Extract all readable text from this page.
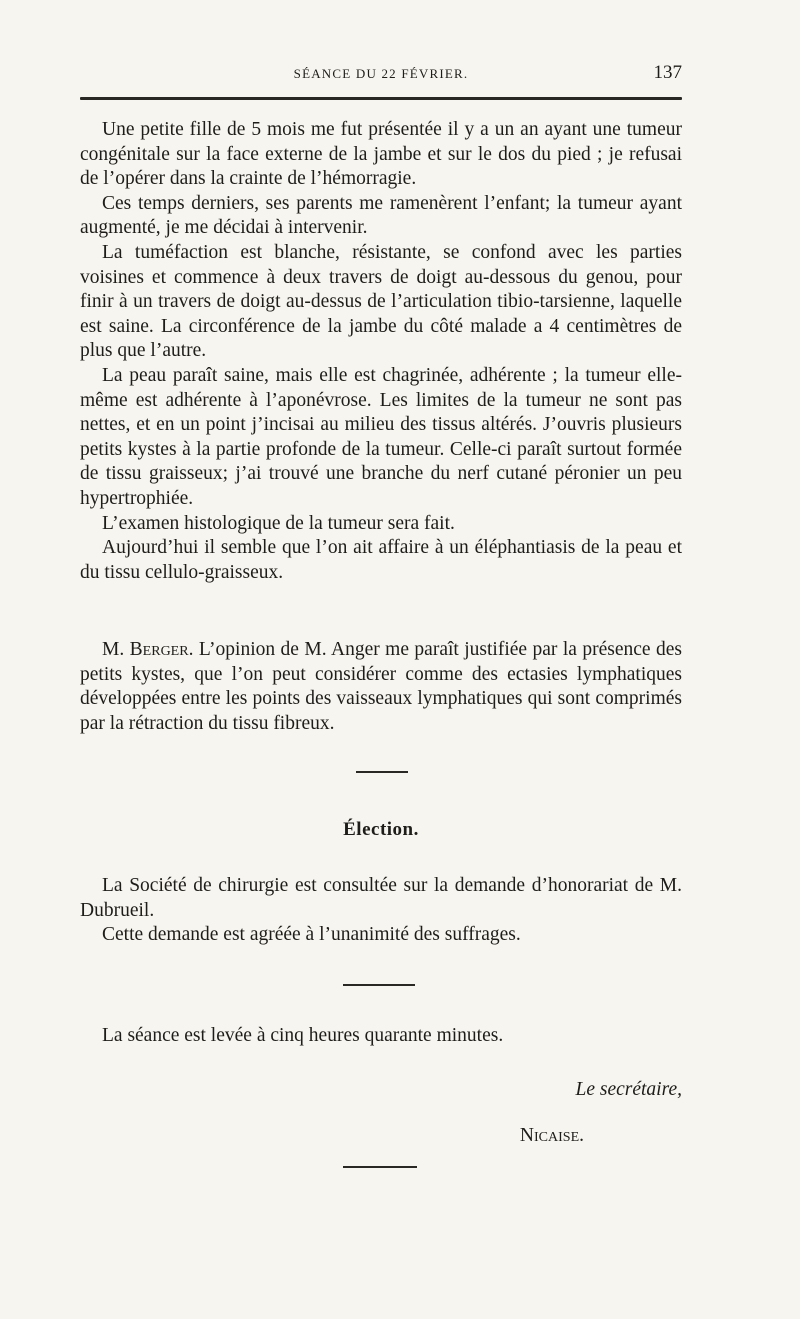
SÉANCE DU 22 FÉVRIER.	137

Une petite fille de 5 mois me fut présentée il y a un an ayant une tumeur congénitale sur la face externe de la jambe et sur le dos du pied ; je refusai de l’opérer dans la crainte de l’hémorragie.

Ces temps derniers, ses parents me ramenèrent l’enfant; la tumeur ayant augmenté, je me décidai à intervenir.

La tuméfaction est blanche, résistante, se confond avec les parties voisines et commence à deux travers de doigt au-dessous du genou, pour finir à un travers de doigt au-dessus de l’articulation tibio-tarsienne, laquelle est saine. La circonférence de la jambe du côté malade a 4 centimètres de plus que l’autre.

La peau paraît saine, mais elle est chagrinée, adhérente ; la tumeur elle-même est adhérente à l’aponévrose. Les limites de la tumeur ne sont pas nettes, et en un point j’incisai au milieu des tissus altérés. J’ouvris plusieurs petits kystes à la partie profonde de la tumeur. Celle-ci paraît surtout formée de tissu graisseux; j’ai trouvé une branche du nerf cutané péronier un peu hypertrophiée.

L’examen histologique de la tumeur sera fait.

Aujourd’hui il semble que l’on ait affaire à un éléphantiasis de la peau et du tissu cellulo-graisseux.

M. Berger. L’opinion de M. Anger me paraît justifiée par la présence des petits kystes, que l’on peut considérer comme des ectasies lymphatiques développées entre les points des vaisseaux lymphatiques qui sont comprimés par la rétraction du tissu fibreux.

Élection.

La Société de chirurgie est consultée sur la demande d’honorariat de M. Dubrueil.

Cette demande est agréée à l’unanimité des suffrages.

La séance est levée à cinq heures quarante minutes.

Le secrétaire,
Nicaise.
